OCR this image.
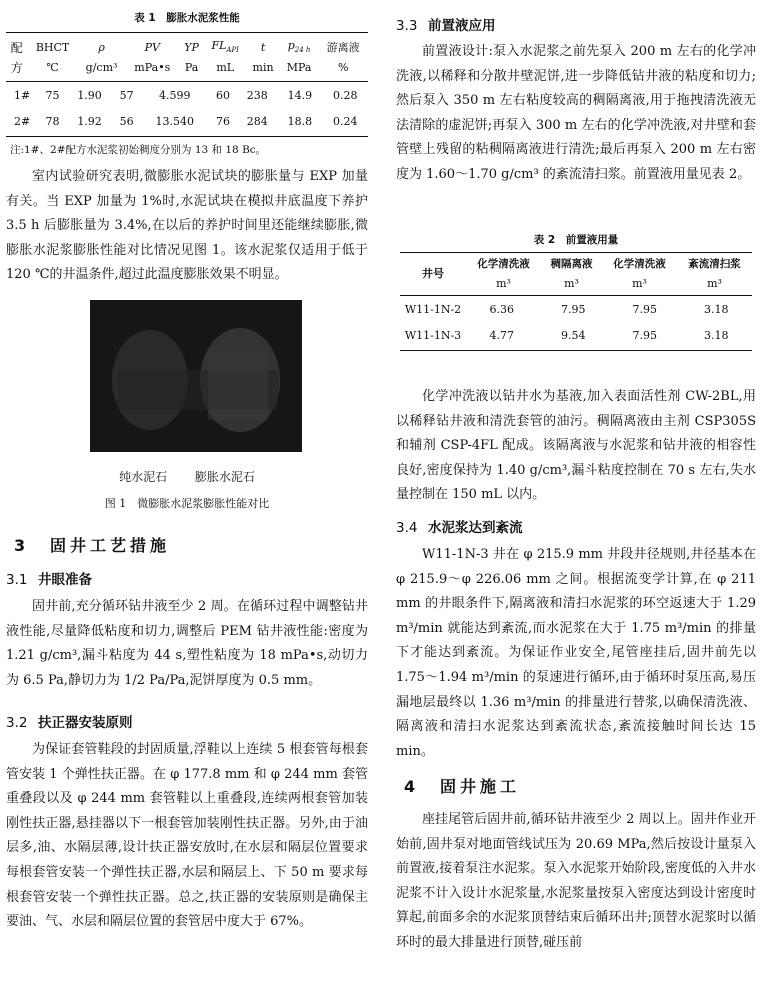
表 1　膨胀水泥浆性能
配	BHCT	ρ	PV	YP	$FL_{API}$	t	$p_{24 h}$	游离液
方	℃	g/cm³	mPa•s	Pa	mL	min	MPa	%
1#	75	1.90	57	4.599	60	238	14.9	0.28
2#	78	1.92	56	13.540	76	284	18.8	0.24
注:1#、2#配方水泥浆初始稠度分别为 13 和 18 Bc。

室内试验研究表明,微膨胀水泥试块的膨胀量与 EXP 加量有关。当 EXP 加量为 1%时,水泥试块在模拟井底温度下养护 3.5 h 后膨胀量为 3.4%,在以后的养护时间里还能继续膨胀,微膨胀水泥浆膨胀性能对比情况见图 1。该水泥浆仅适用于低于 120 ℃的井温条件,超过此温度膨胀效果不明显。

纯水泥石 膨胀水泥石
图 1　微膨胀水泥浆膨胀性能对比
3 固井工艺措施
3.1 井眼准备

固井前,充分循环钻井液至少 2 周。在循环过程中调整钻井液性能,尽量降低粘度和切力,调整后 PEM 钻井液性能:密度为 1.21 g/cm³,漏斗粘度为 44 s,塑性粘度为 18 mPa•s,动切力为 6.5 Pa,静切力为 1/2 Pa/Pa,泥饼厚度为 0.5 mm。

3.2 扶正器安装原则

为保证套管鞋段的封固质量,浮鞋以上连续 5 根套管每根套管安装 1 个弹性扶正器。在 φ 177.8 mm 和 φ 244 mm 套管重叠段以及 φ 244 mm 套管鞋以上重叠段,连续两根套管加装刚性扶正器,悬挂器以下一根套管加装刚性扶正器。另外,由于油层多,油、水隔层薄,设计扶正器安放时,在水层和隔层位置要求每根套管安装一个弹性扶正器,水层和隔层上、下 50 m 要求每根套管安装一个弹性扶正器。总之,扶正器的安装原则是确保主要油、气、水层和隔层位置的套管居中度大于 67%。

3.3 前置液应用

前置液设计:泵入水泥浆之前先泵入 200 m 左右的化学冲洗液,以稀释和分散井壁泥饼,进一步降低钻井液的粘度和切力;然后泵入 350 m 左右粘度较高的稠隔离液,用于拖拽清洗液无法清除的虚泥饼;再泵入 300 m 左右的化学冲洗液,对井壁和套管壁上残留的粘稠隔离液进行清洗;最后再泵入 200 m 左右密度为 1.60～1.70 g/cm³ 的紊流清扫浆。前置液用量见表 2。

表 2　前置液用量
井号	化学清洗液	稠隔离液	化学清洗液	紊流清扫浆
	m³	m³	m³	m³
W11-1N-2	6.36	7.95	7.95	3.18
W11-1N-3	4.77	9.54	7.95	3.18

化学冲洗液以钻井水为基液,加入表面活性剂 CW-2BL,用以稀释钻井液和清洗套管的油污。稠隔离液由主剂 CSP305S 和辅剂 CSP-4FL 配成。该隔离液与水泥浆和钻井液的相容性良好,密度保持为 1.40 g/cm³,漏斗粘度控制在 70 s 左右,失水量控制在 150 mL 以内。

3.4 水泥浆达到紊流

W11-1N-3 井在 φ 215.9 mm 井段井径规则,井径基本在 φ 215.9～φ 226.06 mm 之间。根据流变学计算,在 φ 211 mm 的井眼条件下,隔离液和清扫水泥浆的环空返速大于 1.29 m³/min 就能达到紊流,而水泥浆在大于 1.75 m³/min 的排量下才能达到紊流。为保证作业安全,尾管座挂后,固井前先以 1.75～1.94 m³/min 的泵速进行循环,由于循环时泵压高,易压漏地层最终以 1.36 m³/min 的排量进行替浆,以确保清洗液、隔离液和清扫水泥浆达到紊流状态,紊流接触时间长达 15 min。

4 固井施工

座挂尾管后固井前,循环钻井液至少 2 周以上。固井作业开始前,固井泵对地面管线试压为 20.69 MPa,然后按设计量泵入前置液,接着泵注水泥浆。泵入水泥浆开始阶段,密度低的入井水泥浆不计入设计水泥浆量,水泥浆量按泵入密度达到设计密度时算起,前面多余的水泥浆顶替结束后循环出井;顶替水泥浆时以循环时的最大排量进行顶替,碰压前
